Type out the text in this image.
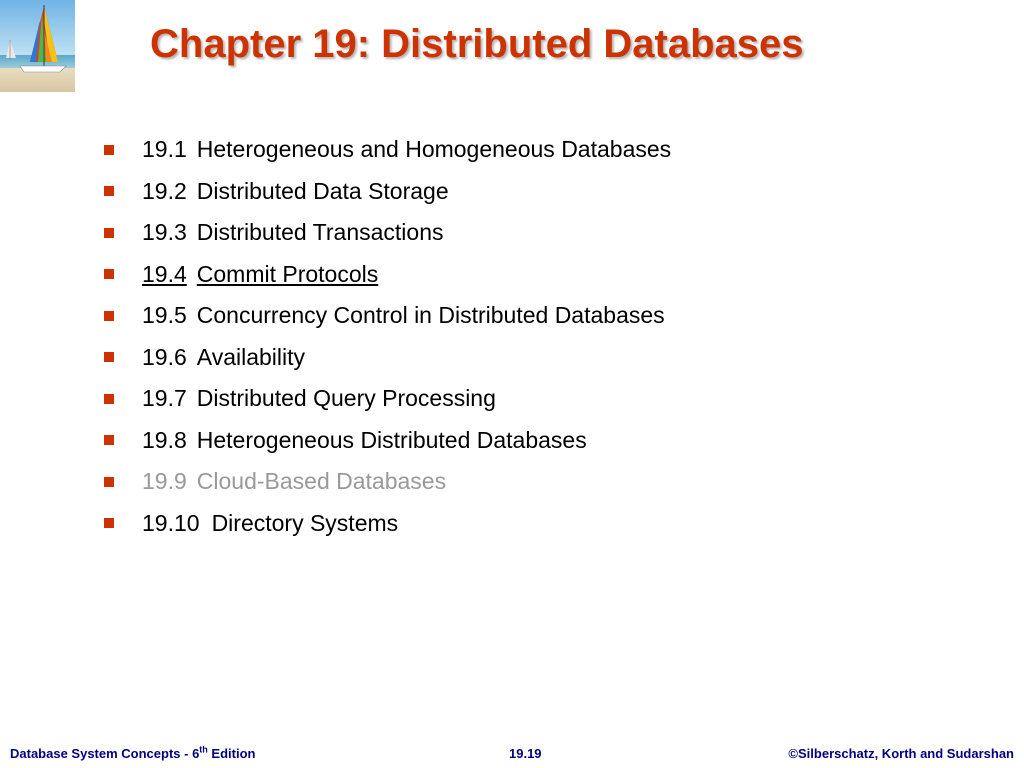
Chapter 19: Distributed Databases
19.1 Heterogeneous and Homogeneous Databases
19.2 Distributed Data Storage
19.3 Distributed Transactions
19.4 Commit Protocols
19.5 Concurrency Control in Distributed Databases
19.6 Availability
19.7 Distributed Query Processing
19.8 Heterogeneous Distributed Databases
19.9 Cloud-Based Databases
19.10 Directory Systems
Database System Concepts - 6th Edition	19.19	©Silberschatz, Korth and Sudarshan
